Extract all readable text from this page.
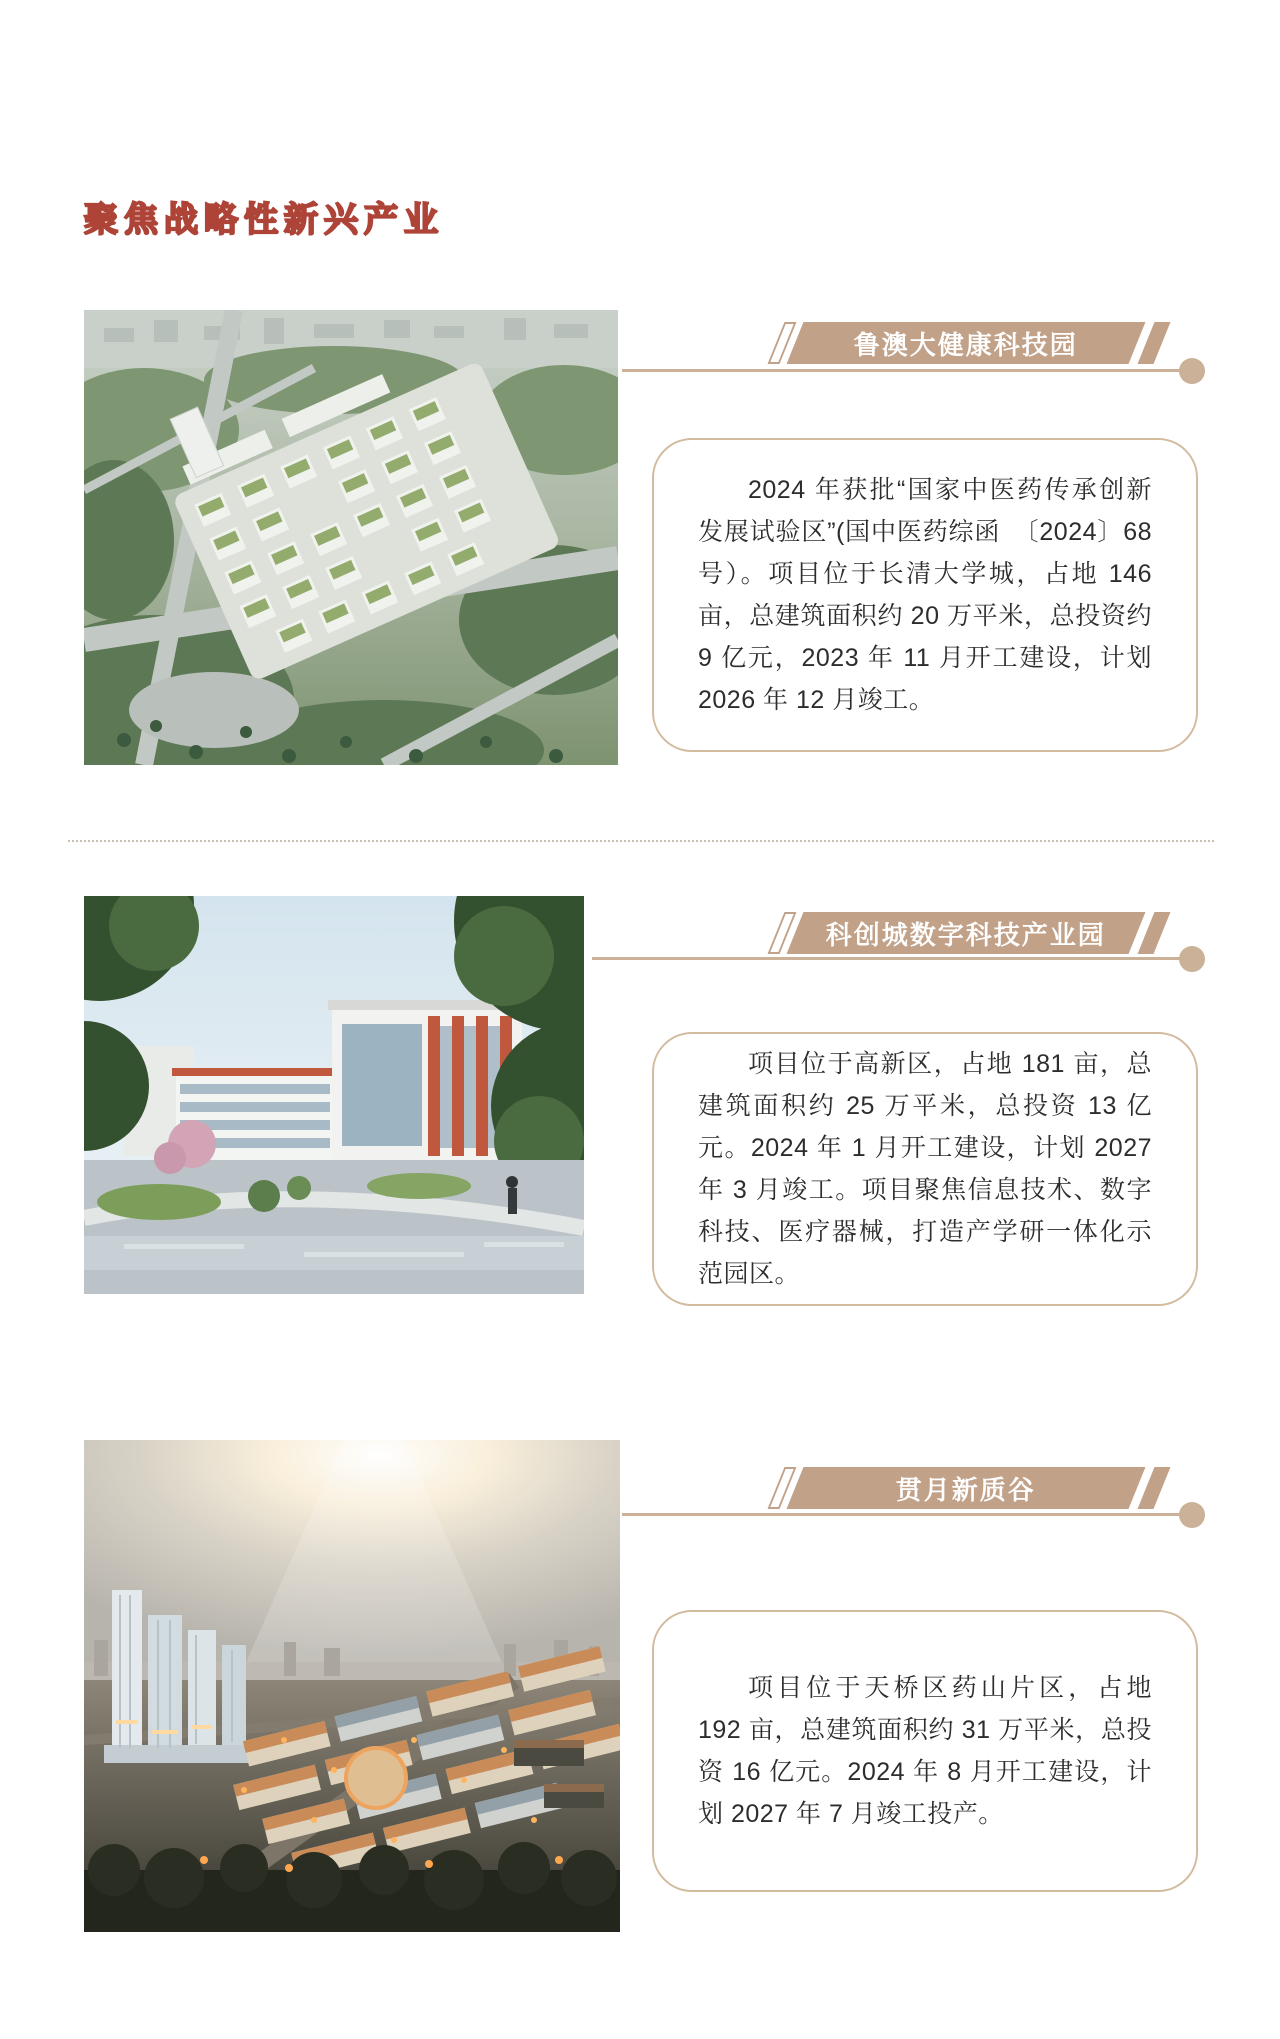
聚焦战略性新兴产业
鲁澳大健康科技园

2024 年获批“国家中医药传承创新发展试验区”(国中医药综函　〔2024〕68 号）。项目位于长清大学城，占地 146 亩，总建筑面积约 20 万平米，总投资约 9 亿元，2023 年 11 月开工建设，计划 2026 年 12 月竣工。

科创城数字科技产业园

项目位于高新区，占地 181 亩，总建筑面积约 25 万平米，总投资 13 亿元。2024 年 1 月开工建设，计划 2027 年 3 月竣工。项目聚焦信息技术、数字科技、医疗器械，打造产学研一体化示范园区。

贯月新质谷

项目位于天桥区药山片区，占地 192 亩，总建筑面积约 31 万平米，总投资 16 亿元。2024 年 8 月开工建设，计划 2027 年 7 月竣工投产。
